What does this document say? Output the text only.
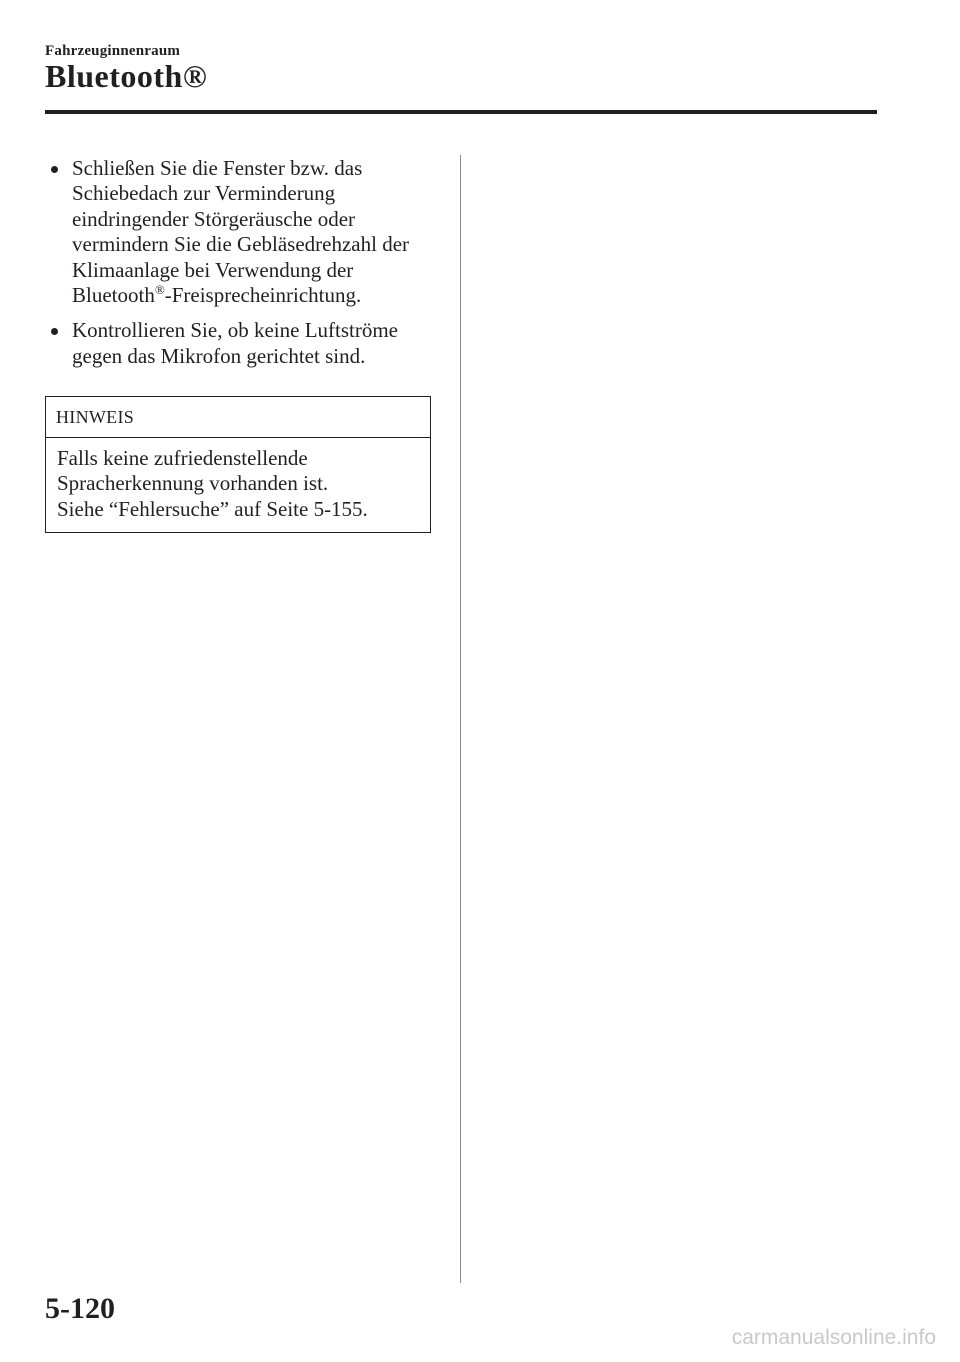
Fahrzeuginnenraum
Bluetooth®
Schließen Sie die Fenster bzw. das Schiebedach zur Verminderung eindringender Störgeräusche oder vermindern Sie die Gebläsedrehzahl der Klimaanlage bei Verwendung der Bluetooth®-Freisprecheinrichtung.
Kontrollieren Sie, ob keine Luftströme gegen das Mikrofon gerichtet sind.
HINWEIS
Falls keine zufriedenstellende
Spracherkennung vorhanden ist.
Siehe “Fehlersuche” auf Seite 5-155.
5-120
carmanualsonline.info
